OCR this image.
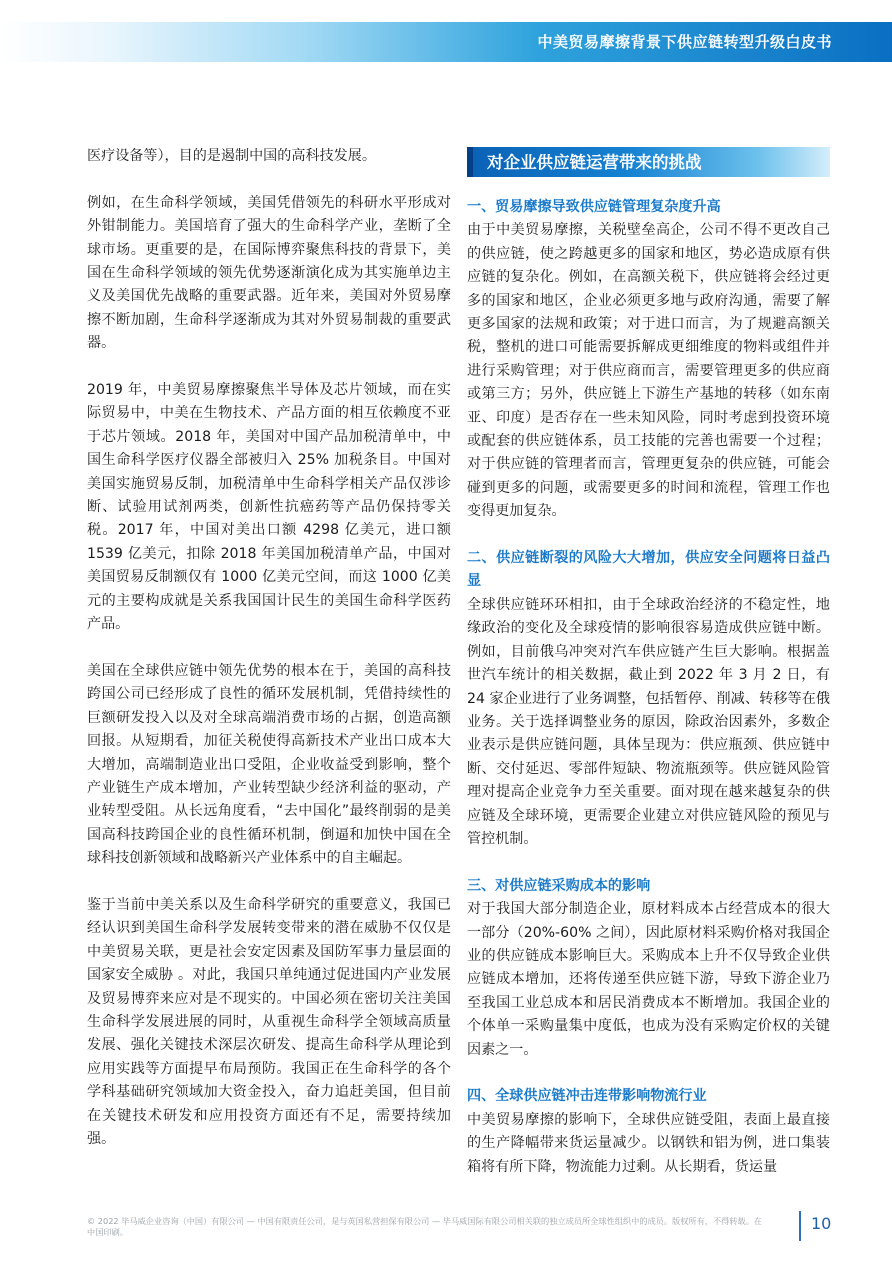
中美贸易摩擦背景下供应链转型升级白皮书

医疗设备等），目的是遏制中国的高科技发展。

例如，在生命科学领域，美国凭借领先的科研水平形成对外钳制能力。美国培育了强大的生命科学产业，垄断了全球市场。更重要的是，在国际博弈聚焦科技的背景下，美国在生命科学领域的领先优势逐渐演化成为其实施单边主义及美国优先战略的重要武器。近年来，美国对外贸易摩擦不断加剧，生命科学逐渐成为其对外贸易制裁的重要武器。

2019 年，中美贸易摩擦聚焦半导体及芯片领域，而在实际贸易中，中美在生物技术、产品方面的相互依赖度不亚于芯片领域。2018 年，美国对中国产品加税清单中，中国生命科学医疗仪器全部被归入 25% 加税条目。中国对美国实施贸易反制，加税清单中生命科学相关产品仅涉诊断、试验用试剂两类，创新性抗癌药等产品仍保持零关税。2017 年，中国对美出口额 4298 亿美元，进口额 1539 亿美元，扣除 2018 年美国加税清单产品，中国对美国贸易反制额仅有 1000 亿美元空间，而这 1000 亿美元的主要构成就是关系我国国计民生的美国生命科学医药产品。

美国在全球供应链中领先优势的根本在于，美国的高科技跨国公司已经形成了良性的循环发展机制，凭借持续性的巨额研发投入以及对全球高端消费市场的占据，创造高额回报。从短期看，加征关税使得高新技术产业出口成本大大增加，高端制造业出口受阻，企业收益受到影响，整个产业链生产成本增加，产业转型缺少经济利益的驱动，产业转型受阻。从长远角度看，“去中国化”最终削弱的是美国高科技跨国企业的良性循环机制，倒逼和加快中国在全球科技创新领域和战略新兴产业体系中的自主崛起。

鉴于当前中美关系以及生命科学研究的重要意义，我国已经认识到美国生命科学发展转变带来的潜在威胁不仅仅是中美贸易关联，更是社会安定因素及国防军事力量层面的国家安全威胁 。对此，我国只单纯通过促进国内产业发展及贸易博弈来应对是不现实的。中国必须在密切关注美国生命科学发展进展的同时，从重视生命科学全领域高质量发展、强化关键技术深层次研发、提高生命科学从理论到应用实践等方面提早布局预防。我国正在生命科学的各个学科基础研究领域加大资金投入，奋力追赶美国，但目前在关键技术研发和应用投资方面还有不足，需要持续加强。

对企业供应链运营带来的挑战
一、贸易摩擦导致供应链管理复杂度升高

由于中美贸易摩擦，关税壁垒高企，公司不得不更改自己的供应链，使之跨越更多的国家和地区，势必造成原有供应链的复杂化。例如，在高额关税下，供应链将会经过更多的国家和地区，企业必须更多地与政府沟通，需要了解更多国家的法规和政策；对于进口而言，为了规避高额关税，整机的进口可能需要拆解成更细维度的物料或组件并进行采购管理；对于供应商而言，需要管理更多的供应商或第三方；另外，供应链上下游生产基地的转移（如东南亚、印度）是否存在一些未知风险，同时考虑到投资环境或配套的供应链体系，员工技能的完善也需要一个过程；对于供应链的管理者而言，管理更复杂的供应链，可能会碰到更多的问题，或需要更多的时间和流程，管理工作也变得更加复杂。

二、供应链断裂的风险大大增加，供应安全问题将日益凸显

全球供应链环环相扣，由于全球政治经济的不稳定性，地缘政治的变化及全球疫情的影响很容易造成供应链中断。例如，目前俄乌冲突对汽车供应链产生巨大影响。根据盖世汽车统计的相关数据，截止到 2022 年 3 月 2 日，有 24 家企业进行了业务调整，包括暂停、削减、转移等在俄业务。关于选择调整业务的原因，除政治因素外，多数企业表示是供应链问题，具体呈现为：供应瓶颈、供应链中断、交付延迟、零部件短缺、物流瓶颈等。供应链风险管理对提高企业竞争力至关重要。面对现在越来越复杂的供应链及全球环境，更需要企业建立对供应链风险的预见与管控机制。

三、对供应链采购成本的影响

对于我国大部分制造企业，原材料成本占经营成本的很大一部分（20%-60% 之间），因此原材料采购价格对我国企业的供应链成本影响巨大。采购成本上升不仅导致企业供应链成本增加，还将传递至供应链下游，导致下游企业乃至我国工业总成本和居民消费成本不断增加。我国企业的个体单一采购量集中度低，也成为没有采购定价权的关键因素之一。

四、全球供应链冲击连带影响物流行业

中美贸易摩擦的影响下，全球供应链受阻，表面上最直接的生产降幅带来货运量减少。以钢铁和铝为例，进口集装箱将有所下降，物流能力过剩。从长期看，货运量

© 2022 毕马威企业咨询（中国）有限公司 — 中国有限责任公司，是与英国私营担保有限公司 — 毕马威国际有限公司相关联的独立成员所全球性组织中的成员。版权所有，不得转载。在中国印刷。	10
